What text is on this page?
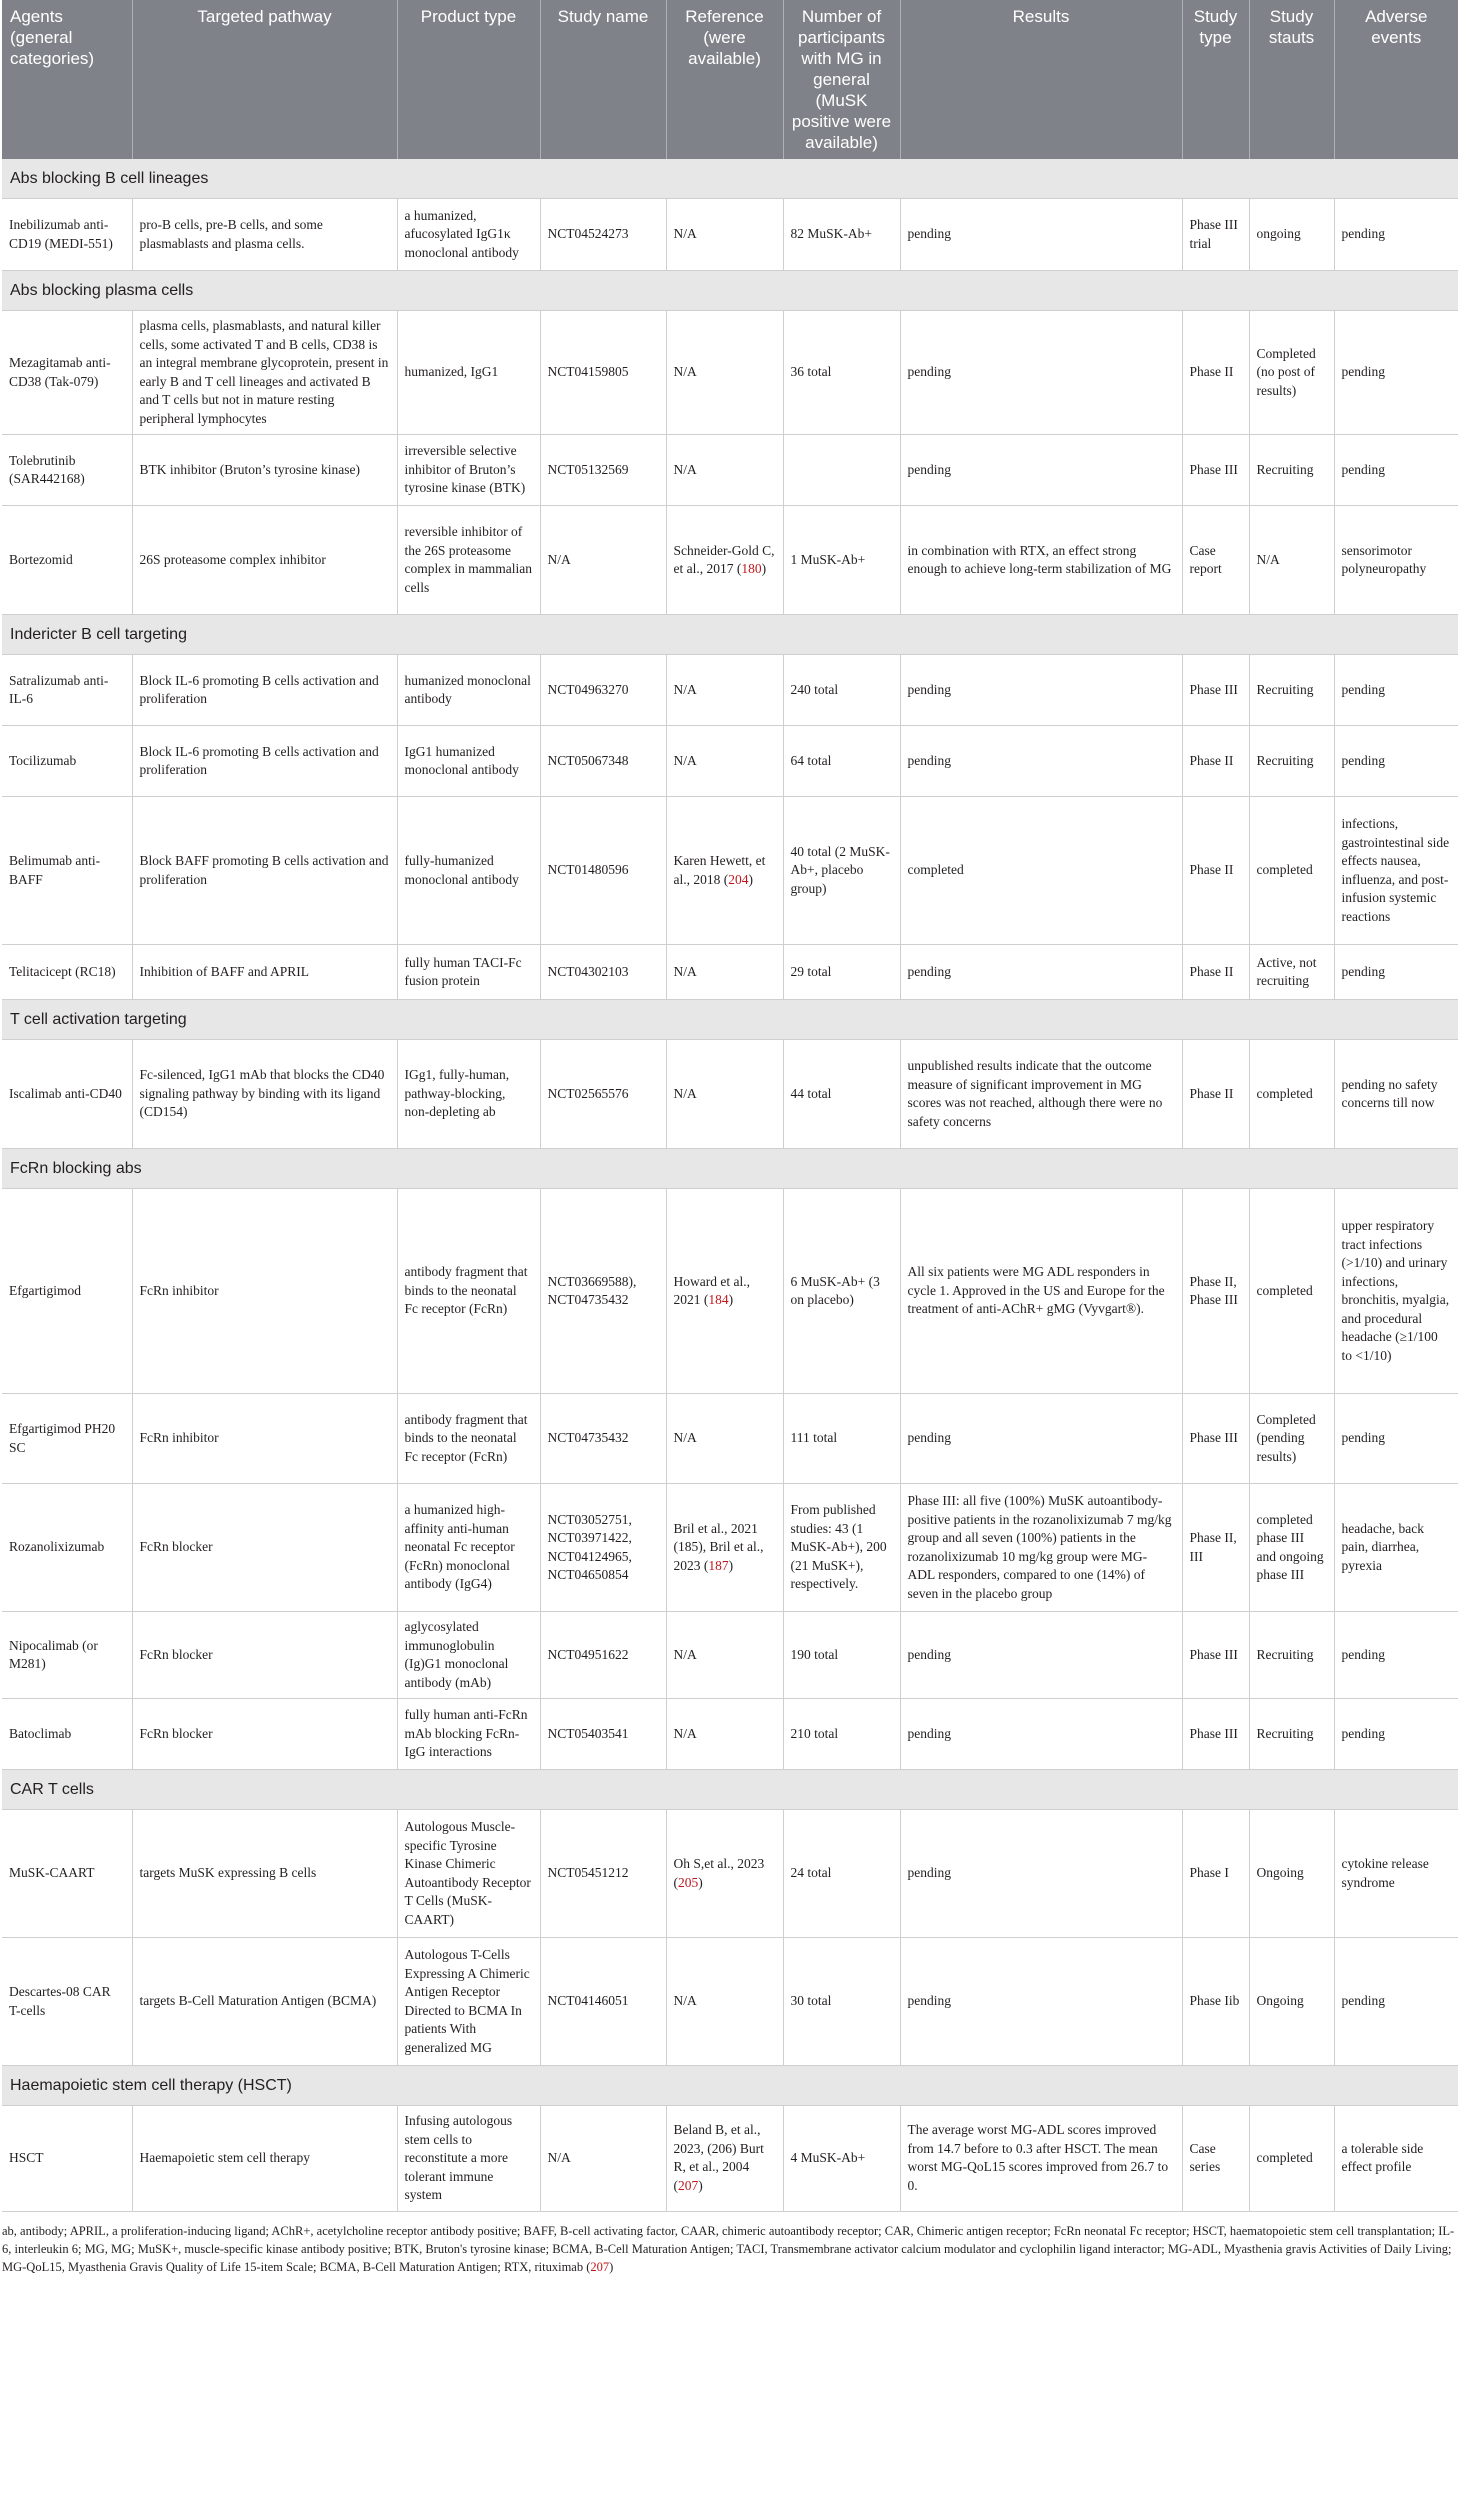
Agents (general categories)	Targeted pathway	Product type	Study name	Reference (were available)	Number of participants with MG in general (MuSK positive were available)	Results	Study type	Study stauts	Adverse events
Abs blocking B cell lineages									
Inebilizumab anti-CD19 (MEDI-551)	pro-B cells, pre-B cells, and some plasmablasts and plasma cells.	a humanized, afucosylated IgG1κ monoclonal antibody	NCT04524273	N/A	82 MuSK-Ab+	pending	Phase III trial	ongoing	pending
Abs blocking plasma cells									
Mezagitamab anti-CD38 (Tak-079)	plasma cells, plasmablasts, and natural killer cells, some activated T and B cells, CD38 is an integral membrane glycoprotein, present in early B and T cell lineages and activated B and T cells but not in mature resting peripheral lymphocytes	humanized, IgG1	NCT04159805	N/A	36 total	pending	Phase II	Completed (no post of results)	pending
Tolebrutinib (SAR442168)	BTK inhibitor (Bruton’s tyrosine kinase)	irreversible selective inhibitor of Bruton’s tyrosine kinase (BTK)	NCT05132569	N/A		pending	Phase III	Recruiting	pending
Bortezomid	26S proteasome complex inhibitor	reversible inhibitor of the 26S proteasome complex in mammalian cells	N/A	Schneider-Gold C, et al., 2017 (180)	1 MuSK-Ab+	in combination with RTX, an effect strong enough to achieve long-term stabilization of MG	Case report	N/A	sensorimotor polyneuropathy
Indericter B cell targeting									
Satralizumab anti-IL-6	Block IL-6 promoting B cells activation and proliferation	humanized monoclonal antibody	NCT04963270	N/A	240 total	pending	Phase III	Recruiting	pending
Tocilizumab	Block IL-6 promoting B cells activation and proliferation	IgG1 humanized monoclonal antibody	NCT05067348	N/A	64 total	pending	Phase II	Recruiting	pending
Belimumab anti-BAFF	Block BAFF promoting B cells activation and proliferation	fully-humanized monoclonal antibody	NCT01480596	Karen Hewett, et al., 2018 (204)	40 total (2 MuSK-Ab+, placebo group)	completed	Phase II	completed	infections, gastrointestinal side effects nausea, influenza, and post-infusion systemic reactions
Telitacicept (RC18)	Inhibition of BAFF and APRIL	fully human TACI-Fc fusion protein	NCT04302103	N/A	29 total	pending	Phase II	Active, not recruiting	pending
T cell activation targeting									
Iscalimab anti-CD40	Fc-silenced, IgG1 mAb that blocks the CD40 signaling pathway by binding with its ligand (CD154)	IGg1, fully-human, pathway-blocking, non-depleting ab	NCT02565576	N/A	44 total	unpublished results indicate that the outcome measure of significant improvement in MG scores was not reached, although there were no safety concerns	Phase II	completed	pending no safety concerns till now
FcRn blocking abs									
Efgartigimod	FcRn inhibitor	antibody fragment that binds to the neonatal Fc receptor (FcRn)	NCT03669588), NCT04735432	Howard et al., 2021 (184)	6 MuSK-Ab+ (3 on placebo)	All six patients were MG ADL responders in cycle 1. Approved in the US and Europe for the treatment of anti-AChR+ gMG (Vyvgart®).	Phase II, Phase III	completed	upper respiratory tract infections (>1/10) and urinary infections, bronchitis, myalgia, and procedural headache (≥1/100 to <1/10)
Efgartigimod PH20 SC	FcRn inhibitor	antibody fragment that binds to the neonatal Fc receptor (FcRn)	NCT04735432	N/A	111 total	pending	Phase III	Completed (pending results)	pending
Rozanolixizumab	FcRn blocker	a humanized high-affinity anti-human neonatal Fc receptor (FcRn) monoclonal antibody (IgG4)	NCT03052751, NCT03971422, NCT04124965, NCT04650854	Bril et al., 2021 (185), Bril et al., 2023 (187)	From published studies: 43 (1 MuSK-Ab+), 200 (21 MuSK+), respectively.	Phase III: all five (100%) MuSK autoantibody-positive patients in the rozanolixizumab 7 mg/kg group and all seven (100%) patients in the rozanolixizumab 10 mg/kg group were MG-ADL responders, compared to one (14%) of seven in the placebo group	Phase II, III	completed phase III and ongoing phase III	headache, back pain, diarrhea, pyrexia
Nipocalimab (or M281)	FcRn blocker	aglycosylated immunoglobulin (Ig)G1 monoclonal antibody (mAb)	NCT04951622	N/A	190 total	pending	Phase III	Recruiting	pending
Batoclimab	FcRn blocker	fully human anti-FcRn mAb blocking FcRn-IgG interactions	NCT05403541	N/A	210 total	pending	Phase III	Recruiting	pending
CAR T cells									
MuSK-CAART	targets MuSK expressing B cells	Autologous Muscle-specific Tyrosine Kinase Chimeric Autoantibody Receptor T Cells (MuSK-CAART)	NCT05451212	Oh S,et al., 2023 (205)	24 total	pending	Phase I	Ongoing	cytokine release syndrome
Descartes-08 CAR T-cells	targets B-Cell Maturation Antigen (BCMA)	Autologous T-Cells Expressing A Chimeric Antigen Receptor Directed to BCMA In patients With generalized MG	NCT04146051	N/A	30 total	pending	Phase Iib	Ongoing	pending
Haemapoietic stem cell therapy (HSCT)									
HSCT	Haemapoietic stem cell therapy	Infusing autologous stem cells to reconstitute a more tolerant immune system	N/A	Beland B, et al., 2023, (206) Burt R, et al., 2004 (207)	4 MuSK-Ab+	The average worst MG-ADL scores improved from 14.7 before to 0.3 after HSCT. The mean worst MG-QoL15 scores improved from 26.7 to 0.	Case series	completed	a tolerable side effect profile
ab, antibody; APRIL, a proliferation-inducing ligand; AChR+, acetylcholine receptor antibody positive; BAFF, B-cell activating factor, CAAR, chimeric autoantibody receptor; CAR, Chimeric antigen receptor; FcRn neonatal Fc receptor; HSCT, haematopoietic stem cell transplantation; IL-6, interleukin 6; MG, MG; MuSK+, muscle-specific kinase antibody positive; BTK, Bruton's tyrosine kinase; BCMA, B-Cell Maturation Antigen; TACI, Transmembrane activator calcium modulator and cyclophilin ligand interactor; MG-ADL, Myasthenia gravis Activities of Daily Living; MG-QoL15, Myasthenia Gravis Quality of Life 15-item Scale; BCMA, B-Cell Maturation Antigen; RTX, rituximab (207)
